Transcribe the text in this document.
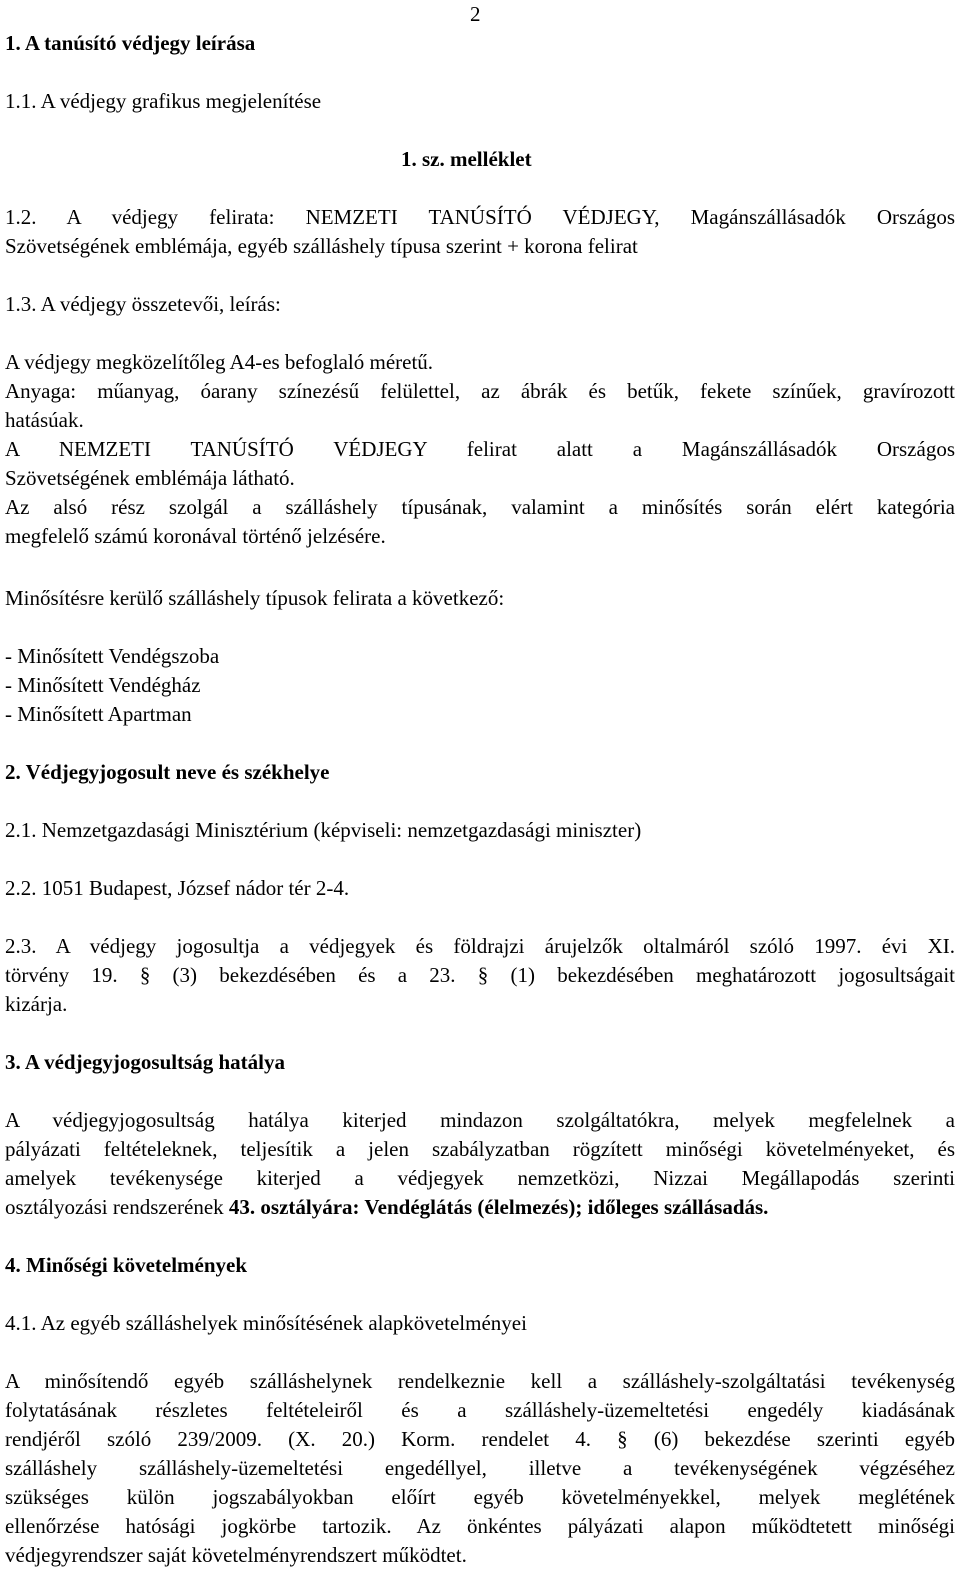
2
1. A tanúsító védjegy leírása
1.1. A védjegy grafikus megjelenítése
1. sz. melléklet
1.2. A védjegy felirata: NEMZETI TANÚSÍTÓ VÉDJEGY, Magánszállásadók Országos
Szövetségének emblémája, egyéb szálláshely típusa szerint + korona felirat
1.3. A védjegy összetevői, leírás:
A védjegy megközelítőleg A4-es befoglaló méretű.
Anyaga: műanyag, óarany színezésű felülettel, az ábrák és betűk, fekete színűek, gravírozott
hatásúak.
A NEMZETI TANÚSÍTÓ VÉDJEGY felirat alatt a Magánszállásadók Országos
Szövetségének emblémája látható.
Az alsó rész szolgál a szálláshely típusának, valamint a minősítés során elért kategória
megfelelő számú koronával történő jelzésére.
Minősítésre kerülő szálláshely típusok felirata a következő:
- Minősített Vendégszoba
- Minősített Vendégház
- Minősített Apartman
2. Védjegyjogosult neve és székhelye
2.1. Nemzetgazdasági Minisztérium (képviseli: nemzetgazdasági miniszter)
2.2. 1051 Budapest, József nádor tér 2-4.
2.3. A védjegy jogosultja a védjegyek és földrajzi árujelzők oltalmáról szóló 1997. évi XI.
törvény 19. § (3) bekezdésében és a 23. § (1) bekezdésében meghatározott jogosultságait
kizárja.
3. A védjegyjogosultság hatálya
A védjegyjogosultság hatálya kiterjed mindazon szolgáltatókra, melyek megfelelnek a
pályázati feltételeknek, teljesítik a jelen szabályzatban rögzített minőségi követelményeket, és
amelyek tevékenysége kiterjed a védjegyek nemzetközi, Nizzai Megállapodás szerinti
osztályozási rendszerének 43. osztályára: Vendéglátás (élelmezés); időleges szállásadás.
4. Minőségi követelmények
4.1. Az egyéb szálláshelyek minősítésének alapkövetelményei
A minősítendő egyéb szálláshelynek rendelkeznie kell a szálláshely-szolgáltatási tevékenység
folytatásának részletes feltételeiről és a szálláshely-üzemeltetési engedély kiadásának
rendjéről szóló 239/2009. (X. 20.) Korm. rendelet 4. § (6) bekezdése szerinti egyéb
szálláshely szálláshely-üzemeltetési engedéllyel, illetve a tevékenységének végzéséhez
szükséges külön jogszabályokban előírt egyéb követelményekkel, melyek meglétének
ellenőrzése hatósági jogkörbe tartozik. Az önkéntes pályázati alapon működtetett minőségi
védjegyrendszer saját követelményrendszert működtet.
